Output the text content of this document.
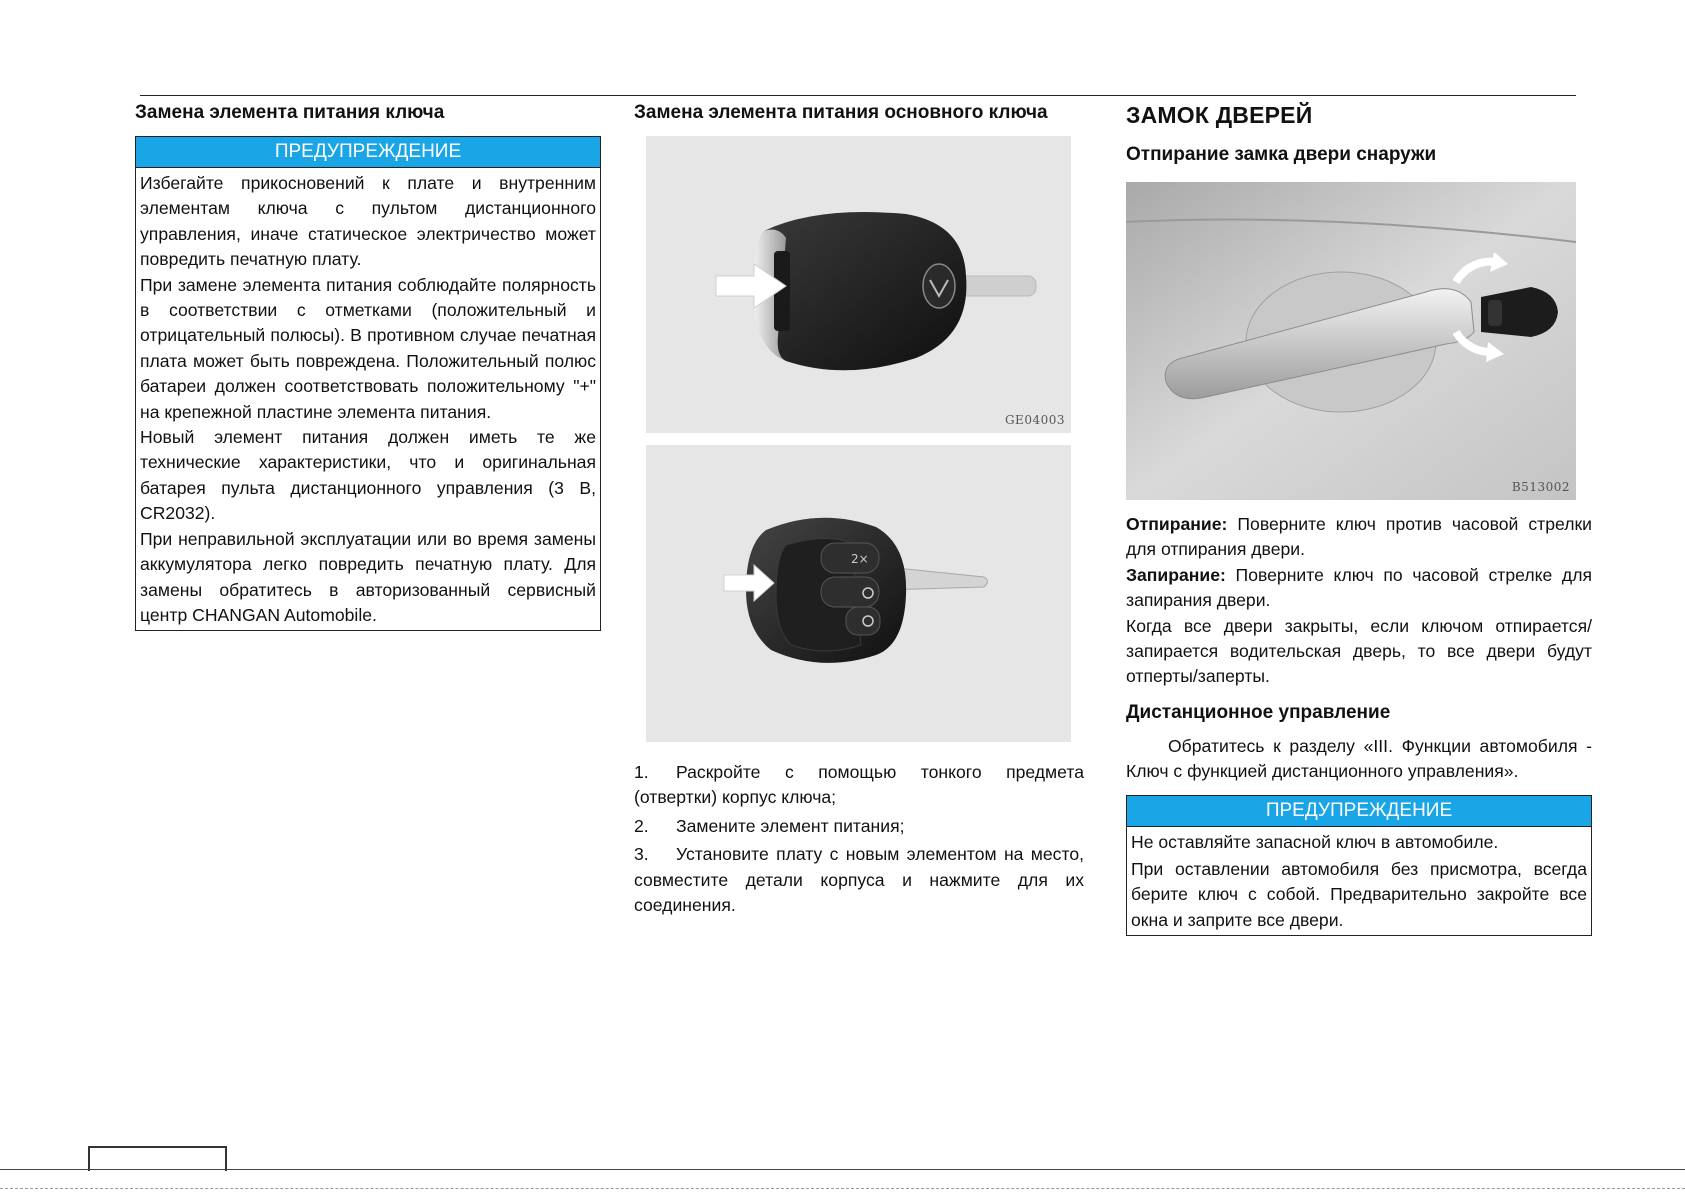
Замена элемента питания ключа
ПРЕДУПРЕЖДЕНИЕ

Избегайте прикосновений к плате и внутренним элементам ключа с пультом дистанционного управления, иначе статическое электричество может повредить печатную плату.

При замене элемента питания соблюдайте полярность в соответствии с отметками (положительный и отрицательный полюсы). В противном случае печатная плата может быть повреждена. Положительный полюс батареи должен соответствовать положительному "+" на крепежной пластине элемента питания.

Новый элемент питания должен иметь те же технические характеристики, что и оригинальная батарея пульта дистанционного управления (3 В, CR2032).

При неправильной эксплуатации или во время замены аккумулятора легко повредить печатную плату. Для замены обратитесь в авторизованный сервисный центр CHANGAN Automobile.

Замена элемента питания основного ключа
GE04003
2×

1. Раскройте с помощью тонкого предмета (отвертки) корпус ключа;

2. Замените элемент питания;

3. Установите плату с новым элементом на место, совместите детали корпуса и нажмите для их соединения.

ЗАМОК ДВЕРЕЙ
Отпирание замка двери снаружи
B513002

Отпирание: Поверните ключ против часовой стрелки для отпирания двери.

Запирание: Поверните ключ по часовой стрелке для запирания двери.

Когда все двери закрыты, если ключом отпирается/ запирается водительская дверь, то все двери будут отперты/заперты.

Дистанционное управление

Обратитесь к разделу «III. Функции автомобиля - Ключ с функцией дистанционного управления».

ПРЕДУПРЕЖДЕНИЕ

Не оставляйте запасной ключ в автомобиле.

При оставлении автомобиля без присмотра, всегда берите ключ с собой. Предварительно закройте все окна и заприте все двери.
